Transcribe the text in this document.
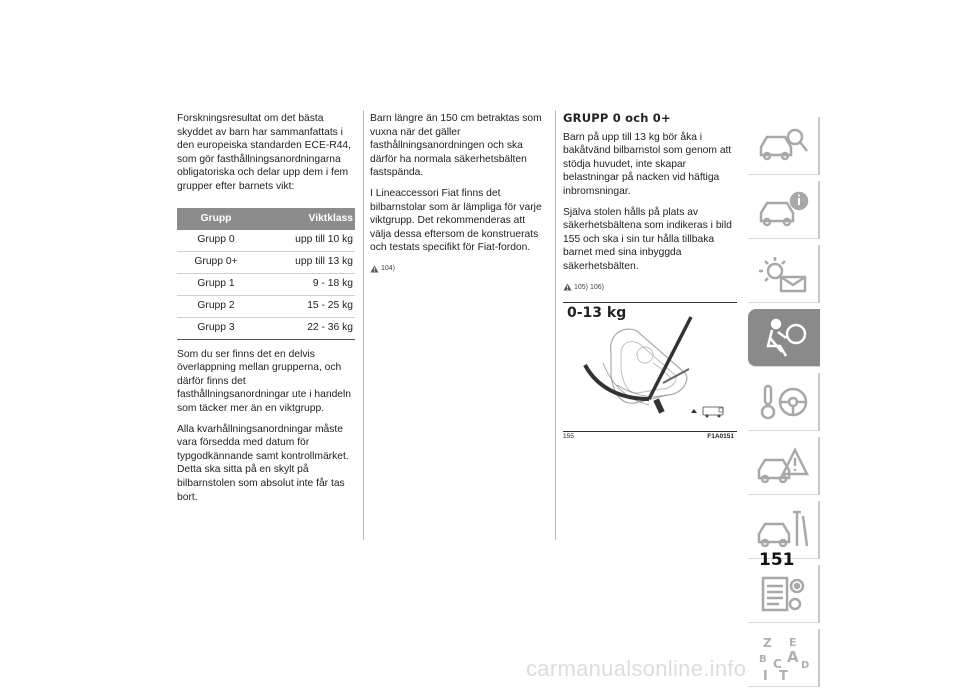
Forskningsresultat om det bästa skyddet av barn har sammanfattats i den europeiska standarden ECE-R44, som gör fasthållningsanordningarna obligatoriska och delar upp dem i fem grupper efter barnets vikt:

Grupp	Viktklass
Grupp 0	upp till 10 kg
Grupp 0+	upp till 13 kg
Grupp 1	9 - 18 kg
Grupp 2	15 - 25 kg
Grupp 3	22 - 36 kg

Som du ser finns det en delvis överlappning mellan grupperna, och därför finns det fasthållningsanordningar ute i handeln som täcker mer än en viktgrupp.

Alla kvarhållningsanordningar måste vara försedda med datum för typgodkännande samt kontrollmärket. Detta ska sitta på en skylt på bilbarnstolen som absolut inte får tas bort.

Barn längre än 150 cm betraktas som vuxna när det gäller fasthållningsanordningen och ska därför ha normala säkerhetsbälten fastspända.

I Lineaccessori Fiat finns det bilbarnstolar som är lämpliga för varje viktgrupp. Det rekommenderas att välja dessa eftersom de konstruerats och testats specifikt för Fiat-fordon.

104)
GRUPP 0 och 0+

Barn på upp till 13 kg bör åka i bakåtvänd bilbarnstol som genom att stödja huvudet, inte skapar belastningar på nacken vid häftiga inbromsningar.

Själva stolen hålls på plats av säkerhetsbältena som indikeras i bild 155 och ska i sin tur hålla tillbaka barnet med sina inbyggda säkerhetsbälten.

105) 106)
0-13 kg
155	F1A0151
Z E
B A
C D
I T
151
carmanualsonline.info
